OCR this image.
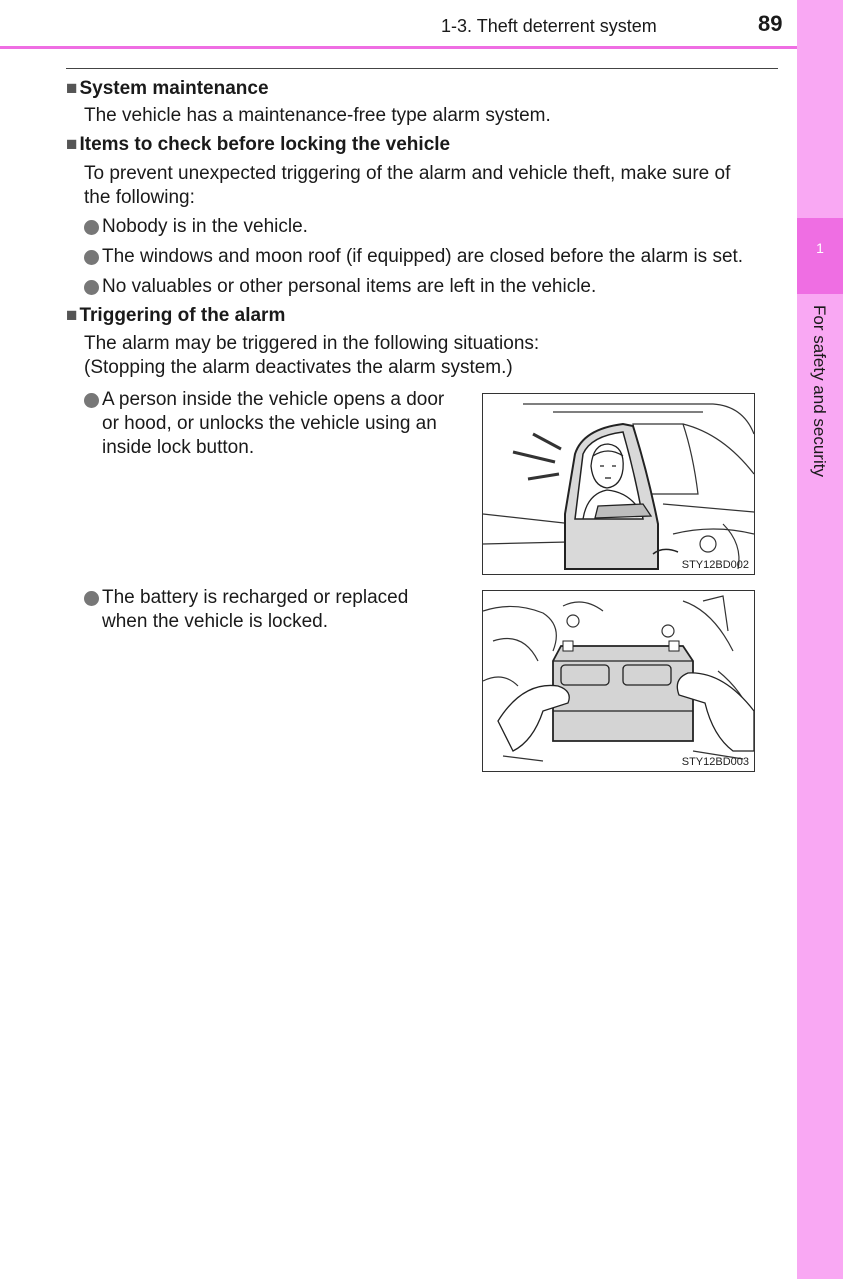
1
For safety and security
1-3. Theft deterrent system	89
■ System maintenance
The vehicle has a maintenance-free type alarm system.
■ Items to check before locking the vehicle
To prevent unexpected triggering of the alarm and vehicle theft, make sure of
the following:
Nobody is in the vehicle.
The windows and moon roof (if equipped) are closed before the alarm is set.
No valuables or other personal items are left in the vehicle.
■ Triggering of the alarm
The alarm may be triggered in the following situations:
(Stopping the alarm deactivates the alarm system.)
A person inside the vehicle opens a door
or hood, or unlocks the vehicle using an
inside lock button.
STY12BD002
The battery is recharged or replaced
when the vehicle is locked.
STY12BD003
